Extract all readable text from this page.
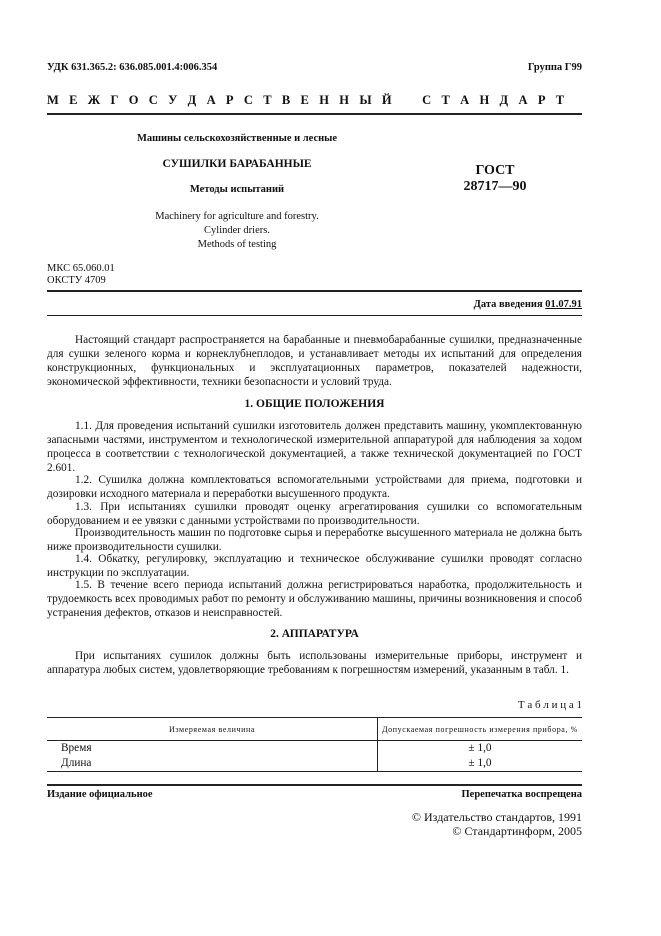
УДК 631.365.2: 636.085.001.4:006.354	Группа Г99
М Е Ж Г О С У Д А Р С Т В Е Н Н Ы Й    С Т А Н Д А Р Т
Машины сельскохозяйственные и лесные
СУШИЛКИ БАРАБАННЫЕ
Методы испытаний
Machinery for agriculture and forestry.
Cylinder driers.
Methods of testing
ГОСТ
28717—90
МКС 65.060.01
ОКСТУ 4709
Дата введения 01.07.91
Настоящий стандарт распространяется на барабанные и пневмобарабанные сушилки, предназначенные для сушки зеленого корма и корнеклубнеплодов, и устанавливает методы их испытаний для определения конструкционных, функциональных и эксплуатационных параметров, показателей надежности, экономической эффективности, техники безопасности и условий труда.
1. ОБЩИЕ ПОЛОЖЕНИЯ
1.1. Для проведения испытаний сушилки изготовитель должен представить машину, укомплектованную запасными частями, инструментом и технологической измерительной аппаратурой для наблюдения за ходом процесса в соответствии с технологической документацией, а также технической документацией по ГОСТ 2.601.
1.2. Сушилка должна комплектоваться вспомогательными устройствами для приема, подготовки и дозировки исходного материала и переработки высушенного продукта.
1.3. При испытаниях сушилки проводят оценку агрегатирования сушилки со вспомогательным оборудованием и ее увязки с данными устройствами по производительности.
Производительность машин по подготовке сырья и переработке высушенного материала не должна быть ниже производительности сушилки.
1.4. Обкатку, регулировку, эксплуатацию и техническое обслуживание сушилки проводят согласно инструкции по эксплуатации.
1.5. В течение всего периода испытаний должна регистрироваться наработка, продолжительность и трудоемкость всех проводимых работ по ремонту и обслуживанию машины, причины возникновения и способ устранения дефектов, отказов и неисправностей.
2. АППАРАТУРА
При испытаниях сушилок должны быть использованы измерительные приборы, инструмент и аппаратура любых систем, удовлетворяющие требованиям к погрешностям измерений, указанным в табл. 1.
Т а б л и ц а 1
Измеряемая величина	Допускаемая погрешность измерения прибора, %
Время	± 1,0
Длина	± 1,0
Издание официальное	Перепечатка воспрещена
© Издательство стандартов, 1991
© Стандартинформ, 2005
